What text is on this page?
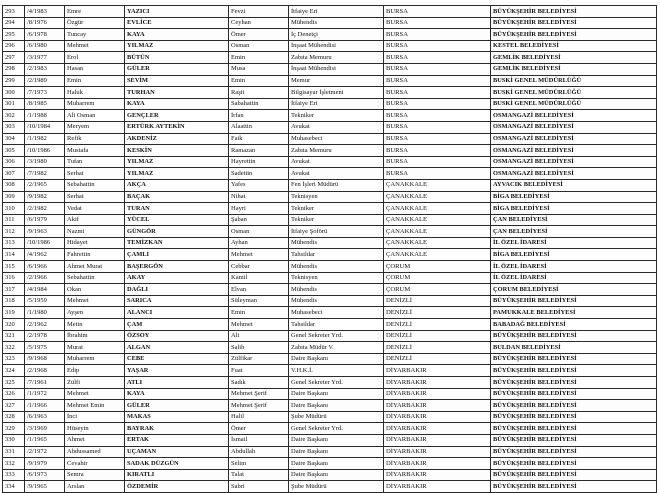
293	/4/1983	Emre	YAZICI	Fevzi	İtfaiye Eri	BURSA	BÜYÜKŞEHİR BELEDİYESİ
294	/8/1976	Özgür	EVLİCE	Ceyhan	Mühendis	BURSA	BÜYÜKŞEHİR BELEDİYESİ
295	/6/1978	Tuncay	KAYA	Ömer	İç Denetçi	BURSA	BÜYÜKŞEHİR BELEDİYESİ
296	/6/1980	Mehmet	YILMAZ	Osman	İnşaat Mühendisi	BURSA	KESTEL BELEDİYESİ
297	/3/1977	Erol	BÜTÜN	Emin	Zabıta Memuru	BURSA	GEMLİK BELEDİYESİ
298	/2/1983	Hasan	GÜLER	Musa	İnşaat Mühendisi	BURSA	GEMLİK BELEDİYESİ
299	/2/1989	Emin	SEVİM	Emin	Memur	BURSA	BUSKİ GENEL MÜDÜRLÜĞÜ
300	/7/1973	Haluk	TURHAN	Raşit	Bilgisayar İşletmeni	BURSA	BUSKİ GENEL MÜDÜRLÜĞÜ
301	/8/1985	Muharrem	KAYA	Sabahattin	İtfaiye Eri	BURSA	BUSKİ GENEL MÜDÜRLÜĞÜ
302	/1/1988	Ali Osman	GENÇLER	İrfan	Tekniker	BURSA	OSMANGAZİ BELEDİYESİ
303	/10/1984	Meryem	ERTÜRK AYTEKİN	Alaattin	Avukat	BURSA	OSMANGAZİ BELEDİYESİ
304	/1/1982	Refik	AKDENİZ	Faik	Muhasebeci	BURSA	OSMANGAZİ BELEDİYESİ
305	/10/1986	Mustafa	KESKİN	Ramazan	Zabıta Memuru	BURSA	OSMANGAZİ BELEDİYESİ
306	/3/1980	Tufan	YILMAZ	Hayrettin	Avukat	BURSA	OSMANGAZİ BELEDİYESİ
307	/7/1982	Serhat	YILMAZ	Sadettin	Avukat	BURSA	OSMANGAZİ BELEDİYESİ
308	/2/1965	Sebahattin	AKÇA	Yafes	Fen İşleri Müdürü	ÇANAKKALE	AYVACIK BELEDİYESİ
309	/9/1982	Serhat	BAÇAK	Nihat	Teknisyen	ÇANAKKALE	BİGA BELEDİYESİ
310	/2/1982	Vedat	TURAN	Hayri	Tekniker	ÇANAKKALE	BİGA BELEDİYESİ
311	/6/1979	Akif	YÜCEL	Şaban	Tekniker	ÇANAKKALE	ÇAN BELEDİYESİ
312	/9/1963	Nazmi	GÜNGÖR	Osman	İtfaiye Şoförü	ÇANAKKALE	ÇAN BELEDİYESİ
313	/10/1986	Hidayet	TEMİZKAN	Ayhan	Mühendis	ÇANAKKALE	İL ÖZEL İDARESİ
314	/4/1962	Fahrettin	ÇAMLI	Mehmet	Tahsildar	ÇANAKKALE	BİGA BELEDİYESİ
315	/6/1966	Ahmet Murat	BAŞERGÖN	Cebbar	Mühendis	ÇORUM	İL ÖZEL İDARESİ
316	/2/1966	Sebahattin	AKAY	Kamil	Teknisyen	ÇORUM	İL ÖZEL İDARESİ
317	/4/1984	Okan	DAĞLI	Elvan	Mühendis	ÇORUM	ÇORUM BELEDİYESİ
318	/5/1959	Mehmet	SARICA	Süleyman	Mühendis	DENİZLİ	BÜYÜKŞEHİR BELEDİYESİ
319	/1/1980	Ayşen	ALANCI	Emin	Muhasebeci	DENİZLİ	PAMUKKALE BELEDİYESİ
320	/2/1962	Metin	ÇAM	Mehmet	Tahsildar	DENİZLİ	BABADAĞ BELEDİYESİ
321	/2/1978	İbrahim	ÖZSOY	Ali	Genel Sekreter Yrd.	DENİZLİ	BÜYÜKŞEHİR BELEDİYESİ
322	/5/1975	Murat	ALGAN	Salih	Zabıta Müdür V.	DENİZLİ	BULDAN BELEDİYESİ
323	/9/1968	Muharrem	CEBE	Zülfikar	Daire Başkanı	DENİZLİ	BÜYÜKŞEHİR BELEDİYESİ
324	/2/1968	Edip	YAŞAR	Fuat	V.H.K.İ.	DİYARBAKIR	BÜYÜKŞEHİR BELEDİYESİ
325	/7/1961	Zülfi	ATLI	Sadık	Genel Sekreter Yrd.	DİYARBAKIR	BÜYÜKŞEHİR BELEDİYESİ
326	/1/1972	Mehmet	KAYA	Mehmet Şerif	Daire Başkanı	DİYARBAKIR	BÜYÜKŞEHİR BELEDİYESİ
327	/1/1966	Mehmet Emin	GÜLER	Mehmet Şerif	Daire Başkanı	DİYARBAKIR	BÜYÜKŞEHİR BELEDİYESİ
328	/6/1963	İnci	MAKAS	Halil	Şube Müdürü	DİYARBAKIR	BÜYÜKŞEHİR BELEDİYESİ
329	/3/1969	Hüseyin	BAYRAK	Ömer	Genel Sekreter Yrd.	DİYARBAKIR	BÜYÜKŞEHİR BELEDİYESİ
330	/1/1965	Ahmet	ERTAK	İsmail	Daire Başkanı	DİYARBAKIR	BÜYÜKŞEHİR BELEDİYESİ
331	/2/1972	Abdussamed	UÇAMAN	Abdullah	Daire Başkanı	DİYARBAKIR	BÜYÜKŞEHİR BELEDİYESİ
332	/9/1979	Cevahir	SADAK DÜZGÜN	Selim	Daire Başkanı	DİYARBAKIR	BÜYÜKŞEHİR BELEDİYESİ
333	/6/1973	Semra	KIRATLI	Talat	Daire Başkanı	DİYARBAKIR	BÜYÜKŞEHİR BELEDİYESİ
334	/9/1965	Arslan	ÖZDEMİR	Sabri	Şube Müdürü	DİYARBAKIR	BÜYÜKŞEHİR BELEDİYESİ
